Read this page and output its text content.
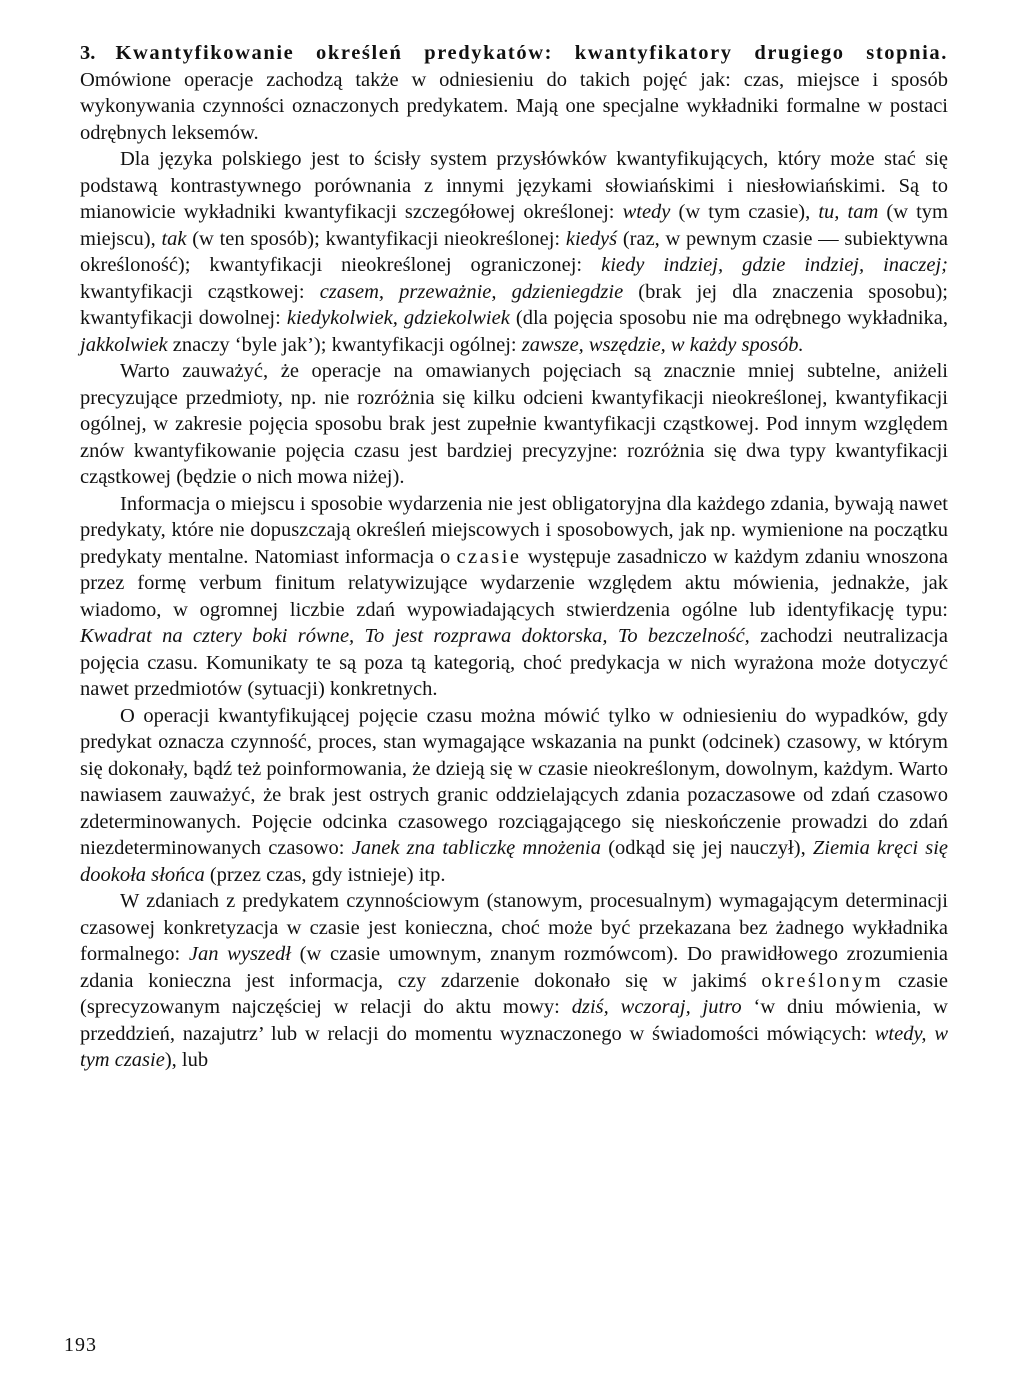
3. Kwantyfikowanie określeń predykatów: kwantyfikatory drugiego stopnia. Omówione operacje zachodzą także w odniesieniu do takich pojęć jak: czas, miejsce i sposób wykonywania czynności oznaczonych predykatem. Mają one specjalne wykładniki formalne w postaci odrębnych leksemów.

Dla języka polskiego jest to ścisły system przysłówków kwantyfikujących, który może stać się podstawą kontrastywnego porównania z innymi językami słowiańskimi i niesłowiańskimi. Są to mianowicie wykładniki kwantyfikacji szczegółowej określonej: wtedy (w tym czasie), tu, tam (w tym miejscu), tak (w ten sposób); kwantyfikacji nieokreślonej: kiedyś (raz, w pewnym czasie — subiektywna określoność); kwantyfikacji nieokreślonej ograniczonej: kiedy indziej, gdzie indziej, inaczej; kwantyfikacji cząstkowej: czasem, przeważnie, gdzieniegdzie (brak jej dla znaczenia sposobu); kwantyfikacji dowolnej: kiedykolwiek, gdziekolwiek (dla pojęcia sposobu nie ma odrębnego wykładnika, jakkolwiek znaczy ‘byle jak’); kwantyfikacji ogólnej: zawsze, wszędzie, w każdy sposób.

Warto zauważyć, że operacje na omawianych pojęciach są znacznie mniej subtelne, aniżeli precyzujące przedmioty, np. nie rozróżnia się kilku odcieni kwantyfikacji nieokreślonej, kwantyfikacji ogólnej, w zakresie pojęcia sposobu brak jest zupełnie kwantyfikacji cząstkowej. Pod innym względem znów kwantyfikowanie pojęcia czasu jest bardziej precyzyjne: rozróżnia się dwa typy kwantyfikacji cząstkowej (będzie o nich mowa niżej).

Informacja o miejscu i sposobie wydarzenia nie jest obligatoryjna dla każdego zdania, bywają nawet predykaty, które nie dopuszczają określeń miejscowych i sposobowych, jak np. wymienione na początku predykaty mentalne. Natomiast informacja o czasie występuje zasadniczo w każdym zdaniu wnoszona przez formę verbum finitum relatywizujące wydarzenie względem aktu mówienia, jednakże, jak wiadomo, w ogromnej liczbie zdań wypowiadających stwierdzenia ogólne lub identyfikację typu: Kwadrat na cztery boki równe, To jest rozprawa doktorska, To bezczelność, zachodzi neutralizacja pojęcia czasu. Komunikaty te są poza tą kategorią, choć predykacja w nich wyrażona może dotyczyć nawet przedmiotów (sytuacji) konkretnych.

O operacji kwantyfikującej pojęcie czasu można mówić tylko w odniesieniu do wypadków, gdy predykat oznacza czynność, proces, stan wymagające wskazania na punkt (odcinek) czasowy, w którym się dokonały, bądź też poinformowania, że dzieją się w czasie nieokreślonym, dowolnym, każdym. Warto nawiasem zauważyć, że brak jest ostrych granic oddzielających zdania pozaczasowe od zdań czasowo zdeterminowanych. Pojęcie odcinka czasowego rozciągającego się nieskończenie prowadzi do zdań niezdeterminowanych czasowo: Janek zna tabliczkę mnożenia (odkąd się jej nauczył), Ziemia kręci się dookoła słońca (przez czas, gdy istnieje) itp.

W zdaniach z predykatem czynnościowym (stanowym, procesualnym) wymagającym determinacji czasowej konkretyzacja w czasie jest konieczna, choć może być przekazana bez żadnego wykładnika formalnego: Jan wyszedł (w czasie umownym, znanym rozmówcom). Do prawidłowego zrozumienia zdania konieczna jest informacja, czy zdarzenie dokonało się w jakimś określonym czasie (sprecyzowanym najczęściej w relacji do aktu mowy: dziś, wczoraj, jutro ‘w dniu mówienia, w przeddzień, nazajutrz’ lub w relacji do momentu wyznaczonego w świadomości mówiących: wtedy, w tym czasie), lub

193
